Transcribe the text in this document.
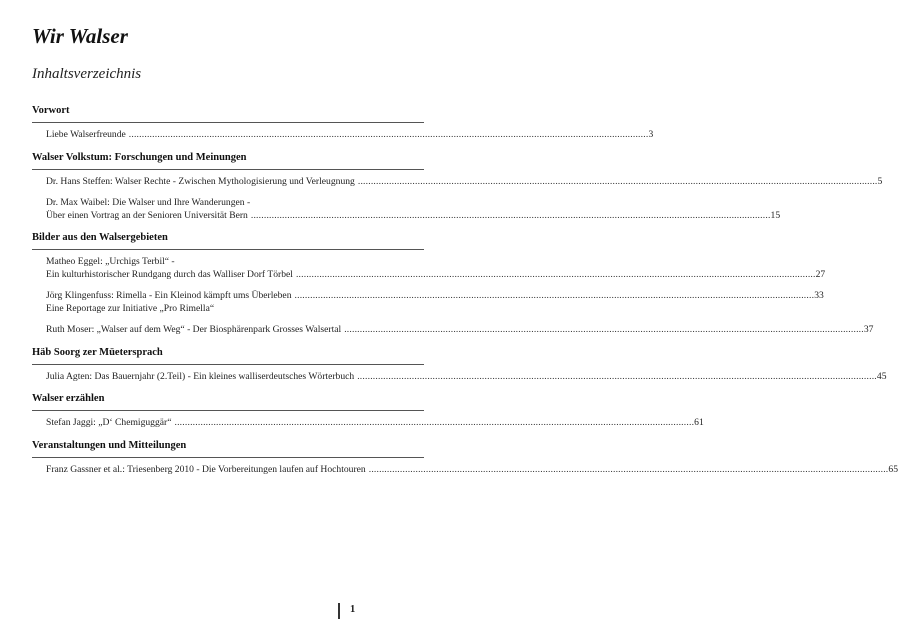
Wir Walser
Inhaltsverzeichnis
Vorwort
Liebe Walserfreunde ........................................................................................................................................................................................................ 3
Walser Volkstum: Forschungen und Meinungen
Dr. Hans Steffen: Walser Rechte - Zwischen Mythologisierung und Verleugnung ........................................................................................................................................................................................................ 5
Dr. Max Waibel: Die Walser und Ihre Wanderungen -
Über einen Vortrag an der Senioren Universität Bern ........................................................................................................................................................................................................ 15
Bilder aus den Walsergebieten
Matheo Eggel: „Urchigs Terbil“ -
Ein kulturhistorischer Rundgang durch das Walliser Dorf Törbel ........................................................................................................................................................................................................ 27
Jörg Klingenfuss: Rimella - Ein Kleinod kämpft ums Überleben ........................................................................................................................................................................................................
Eine Reportage zur Initiative „Pro Rimella“
33
Ruth Moser: „Walser auf dem Weg“ - Der Biosphärenpark Grosses Walsertal ........................................................................................................................................................................................................ 37
Häb Soorg zer Müetersprach
Julia Agten: Das Bauernjahr (2.Teil) - Ein kleines walliserdeutsches Wörterbuch ........................................................................................................................................................................................................ 45
Walser erzählen
Stefan Jaggi: „D‘ Chemiguggär“ ........................................................................................................................................................................................................ 61
Veranstaltungen und Mitteilungen
Franz Gassner et al.: Triesenberg 2010 - Die Vorbereitungen laufen auf Hochtouren ........................................................................................................................................................................................................ 65
1
